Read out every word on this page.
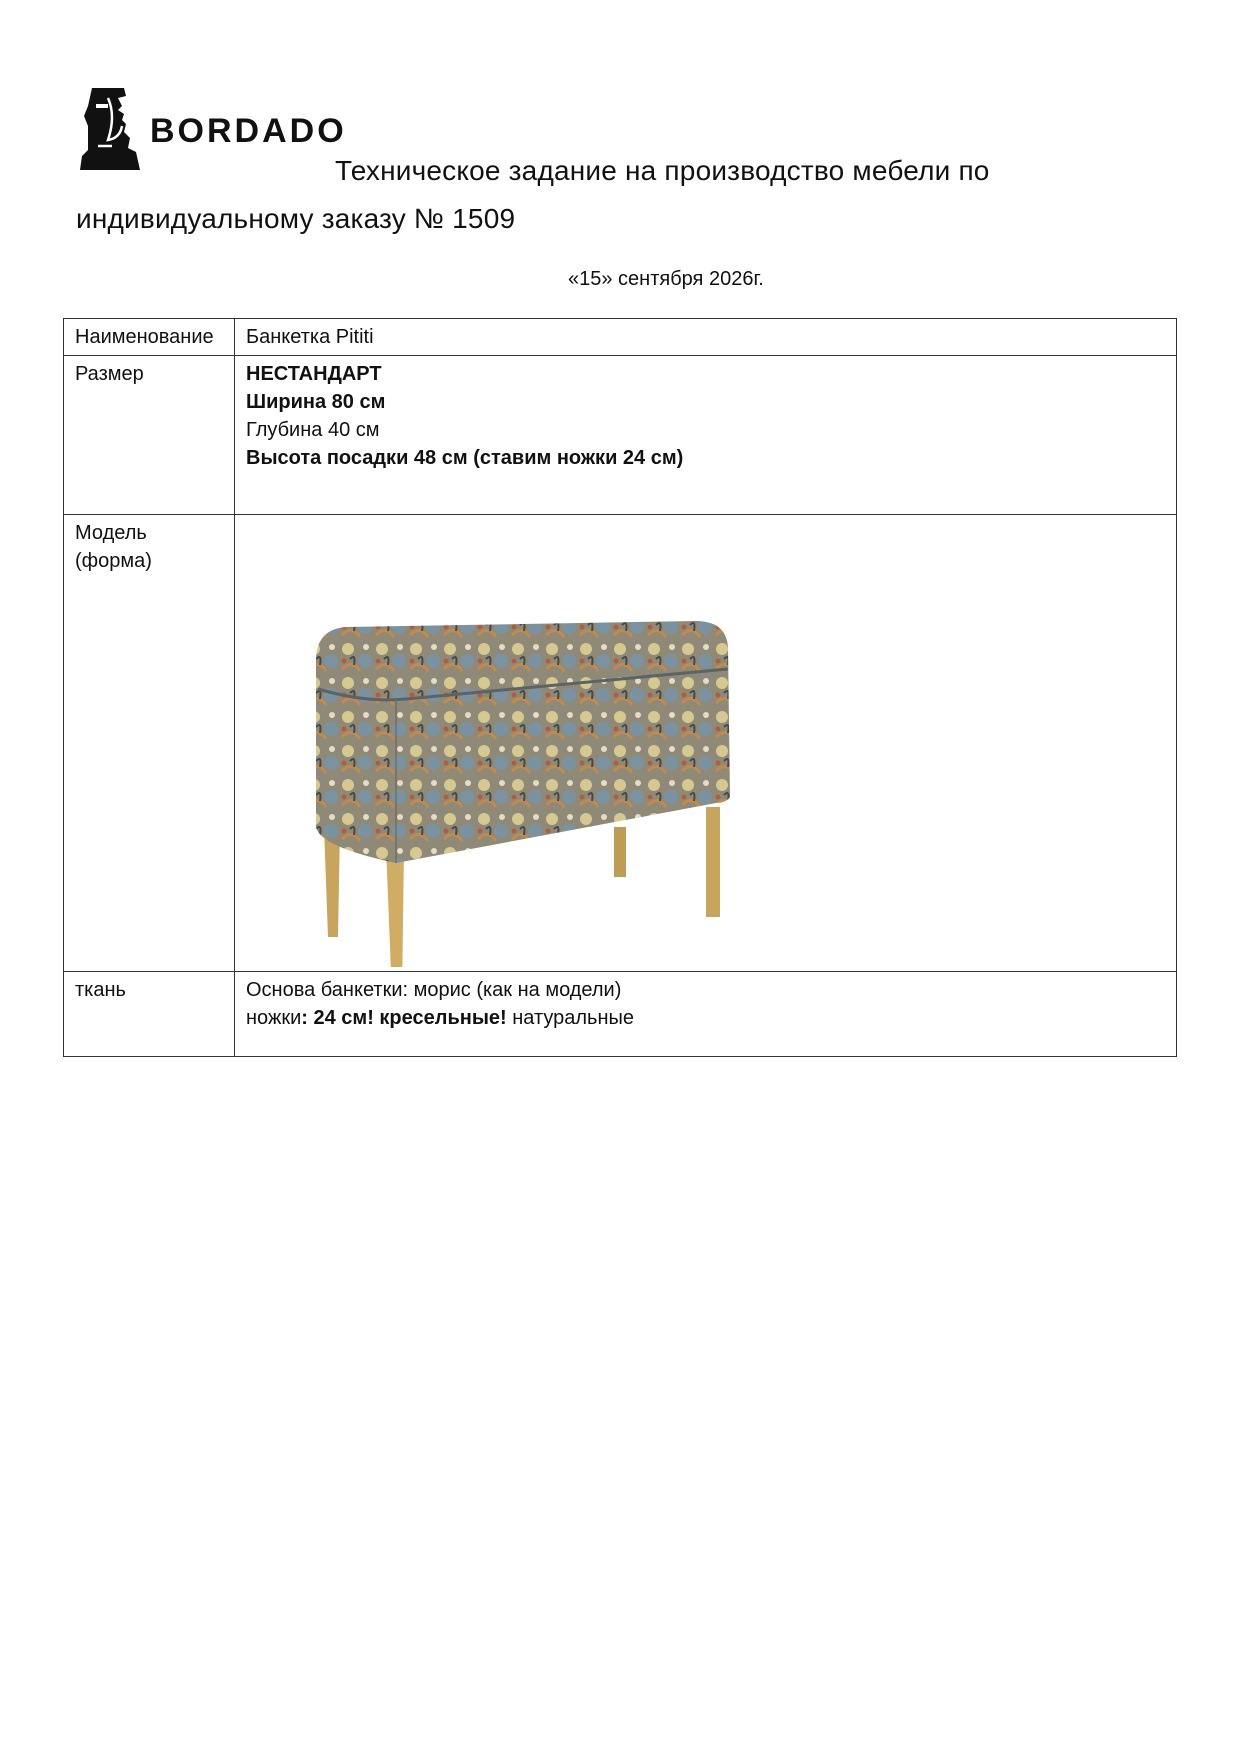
BORDADO
Техническое задание на производство мебели по
индивидуальному заказу № 1509
«15» сентября 2026г.
Наименование	Банкетка Pititi
Размер	НЕСТАНДАРТ
Ширина 80 см
Глубина 40 см
Высота посадки 48 см (ставим ножки 24 см)

Модель
(форма)

ткань	Основа банкетки: морис (как на модели)
ножки: 24 см! кресельные! натуральные
